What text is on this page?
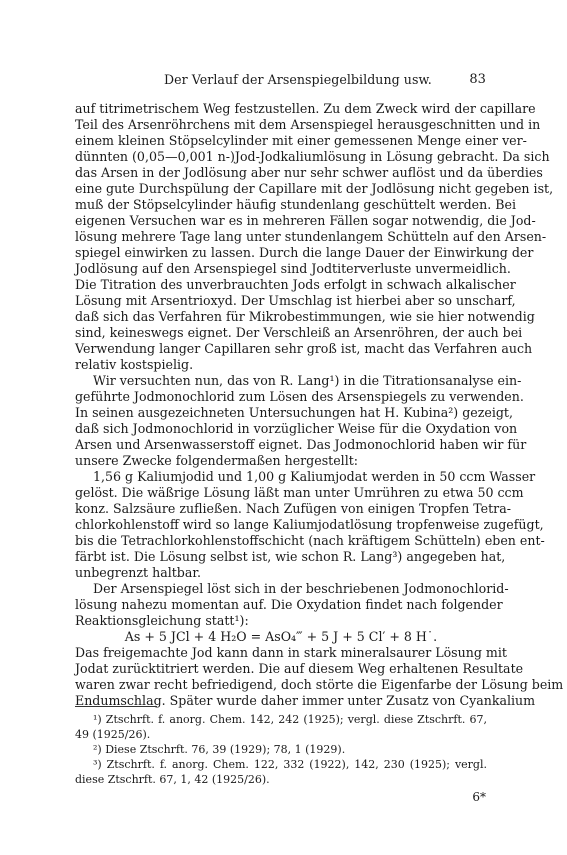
Der Verlauf der Arsenspiegelbildung usw.	83
auf titrimetrischem Weg festzustellen. Zu dem Zweck wird der capillare
Teil des Arsenröhrchens mit dem Arsenspiegel herausgeschnitten und in
einem kleinen Stöpselcylinder mit einer gemessenen Menge einer ver-
dünnten (0,05—0,001 n-)Jod-Jodkaliumlösung in Lösung gebracht. Da sich
das Arsen in der Jodlösung aber nur sehr schwer auflöst und da überdies
eine gute Durchspülung der Capillare mit der Jodlösung nicht gegeben ist,
muß der Stöpselcylinder häufig stundenlang geschüttelt werden. Bei
eigenen Versuchen war es in mehreren Fällen sogar notwendig, die Jod-
lösung mehrere Tage lang unter stundenlangem Schütteln auf den Arsen-
spiegel einwirken zu lassen. Durch die lange Dauer der Einwirkung der
Jodlösung auf den Arsenspiegel sind Jodtiterverluste unvermeidlich.
Die Titration des unverbrauchten Jods erfolgt in schwach alkalischer
Lösung mit Arsentrioxyd. Der Umschlag ist hierbei aber so unscharf,
daß sich das Verfahren für Mikrobestimmungen, wie sie hier notwendig
sind, keineswegs eignet. Der Verschleiß an Arsenröhren, der auch bei
Verwendung langer Capillaren sehr groß ist, macht das Verfahren auch
relativ kostspielig.
Wir versuchten nun, das von R. Lang¹) in die Titrationsanalyse ein-
geführte Jodmonochlorid zum Lösen des Arsenspiegels zu verwenden.
In seinen ausgezeichneten Untersuchungen hat H. Kubina²) gezeigt,
daß sich Jodmonochlorid in vorzüglicher Weise für die Oxydation von
Arsen und Arsenwasserstoff eignet. Das Jodmonochlorid haben wir für
unsere Zwecke folgendermaßen hergestellt:
1,56 g Kaliumjodid und 1,00 g Kaliumjodat werden in 50 ccm Wasser
gelöst. Die wäßrige Lösung läßt man unter Umrühren zu etwa 50 ccm
konz. Salzsäure zufließen. Nach Zufügen von einigen Tropfen Tetra-
chlorkohlenstoff wird so lange Kaliumjodatlösung tropfenweise zugefügt,
bis die Tetrachlorkohlenstoffschicht (nach kräftigem Schütteln) eben ent-
färbt ist. Die Lösung selbst ist, wie schon R. Lang³) angegeben hat,
unbegrenzt haltbar.
Der Arsenspiegel löst sich in der beschriebenen Jodmonochlorid-
lösung nahezu momentan auf. Die Oxydation findet nach folgender
Reaktionsgleichung statt¹):
As + 5 JCl + 4 H₂O = AsO₄‴ + 5 J + 5 Cl′ + 8 H˙.
Das freigemachte Jod kann dann in stark mineralsaurer Lösung mit
Jodat zurücktitriert werden. Die auf diesem Weg erhaltenen Resultate
waren zwar recht befriedigend, doch störte die Eigenfarbe der Lösung beim
Endumschlag. Später wurde daher immer unter Zusatz von Cyankalium
¹) Ztschrft. f. anorg. Chem. 142, 242 (1925); vergl. diese Ztschrft. 67,
49 (1925/26).
²) Diese Ztschrft. 76, 39 (1929); 78, 1 (1929).
³) Ztschrft. f. anorg. Chem. 122, 332 (1922), 142, 230 (1925); vergl.
diese Ztschrft. 67, 1, 42 (1925/26).
6*
